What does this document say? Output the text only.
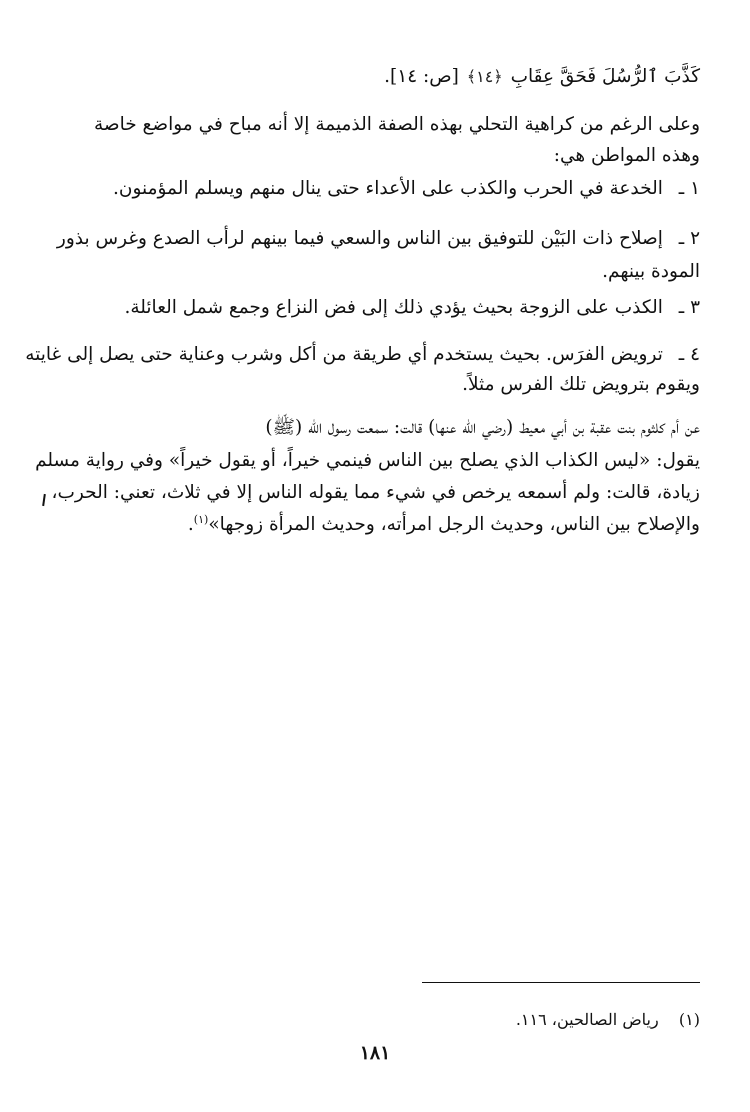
كَذَّبَ ٱلرُّسُلَ فَحَقَّ عِقَابِ ﴿١٤﴾ [ص: ١٤].
وعلى الرغم من كراهية التحلي بهذه الصفة الذميمة إلا أنه مباح في مواضع خاصة
وهذه المواطن هي:
١ ـ الخدعة في الحرب والكذب على الأعداء حتى ينال منهم ويسلم المؤمنون.
٢ ـ إصلاح ذات البَيْن للتوفيق بين الناس والسعي فيما بينهم لرأب الصدع وغرس بذور
المودة بينهم.
٣ ـ الكذب على الزوجة بحيث يؤدي ذلك إلى فض النزاع وجمع شمل العائلة.
٤ ـ ترويض الفرَس. بحيث يستخدم أي طريقة من أكل وشرب وعناية حتى يصل إلى غايته
ويقوم بترويض تلك الفرس مثلاً.
عن أم كلثوم بنت عقبة بن أبي معيط (رضي الله عنها) قالت: سمعت رسول الله (ﷺ)
يقول: «ليس الكذاب الذي يصلح بين الناس فينمي خيراً، أو يقول خيراً» وفي رواية مسلم
زيادة، قالت: ولم أسمعه يرخص في شيء مما يقوله الناس إلا في ثلاث، تعني: الحرب،
والإصلاح بين الناس، وحديث الرجل امرأته، وحديث المرأة زوجها»$^{(١)}$.
(١)  رياض الصالحين، ١١٦.
١٨١
